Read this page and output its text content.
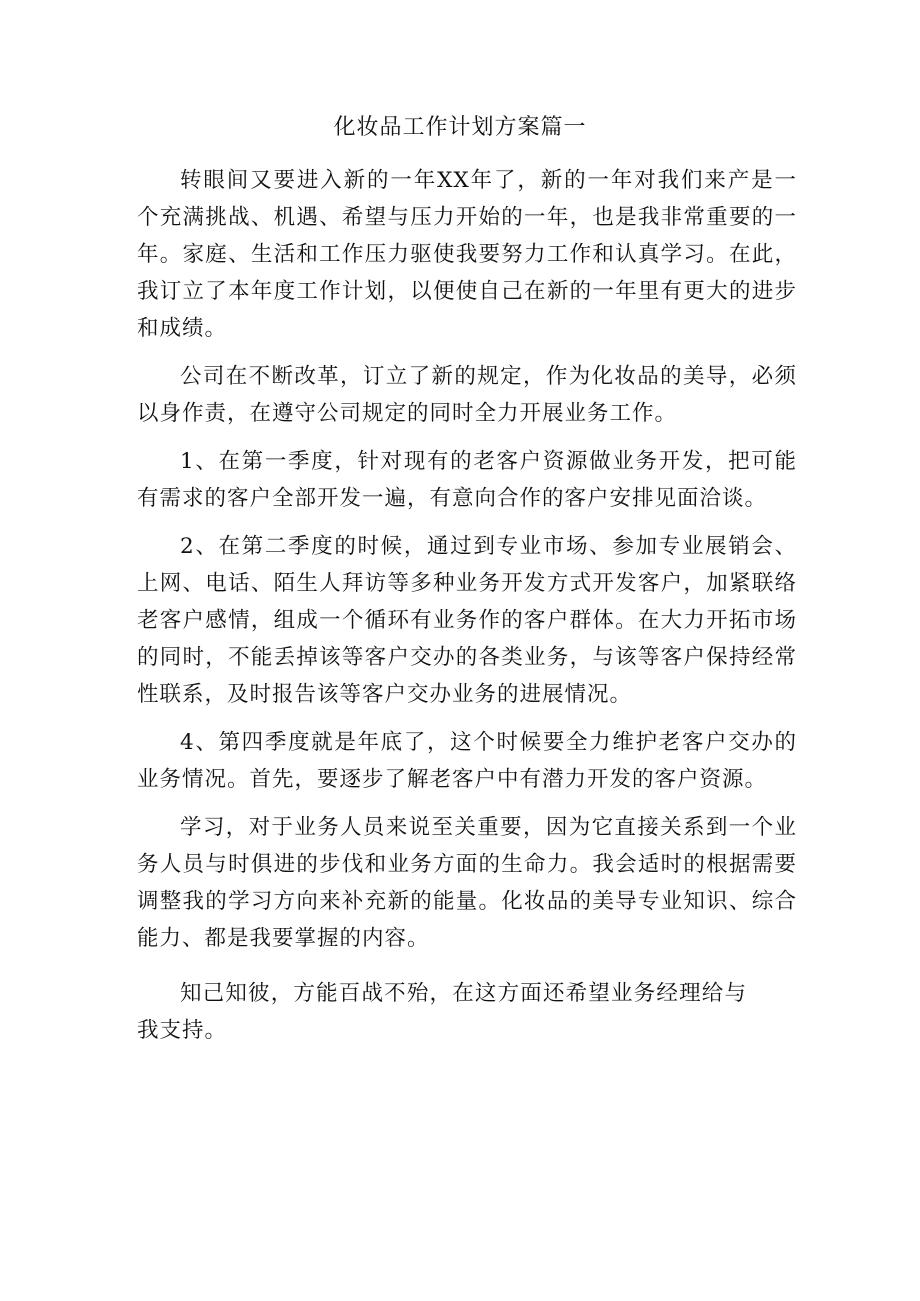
化妆品工作计划方案篇一

转眼间又要进入新的一年XX年了，新的一年对我们来产是一个充满挑战、机遇、希望与压力开始的一年，也是我非常重要的一年。家庭、生活和工作压力驱使我要努力工作和认真学习。在此，我订立了本年度工作计划，以便使自己在新的一年里有更大的进步和成绩。

公司在不断改革，订立了新的规定，作为化妆品的美导，必须以身作责，在遵守公司规定的同时全力开展业务工作。

1、在第一季度，针对现有的老客户资源做业务开发，把可能有需求的客户全部开发一遍，有意向合作的客户安排见面洽谈。

2、在第二季度的时候，通过到专业市场、参加专业展销会、上网、电话、陌生人拜访等多种业务开发方式开发客户，加紧联络老客户感情，组成一个循环有业务作的客户群体。在大力开拓市场的同时，不能丢掉该等客户交办的各类业务，与该等客户保持经常性联系，及时报告该等客户交办业务的进展情况。

4、第四季度就是年底了，这个时候要全力维护老客户交办的业务情况。首先，要逐步了解老客户中有潜力开发的客户资源。

学习，对于业务人员来说至关重要，因为它直接关系到一个业务人员与时俱进的步伐和业务方面的生命力。我会适时的根据需要调整我的学习方向来补充新的能量。化妆品的美导专业知识、综合能力、都是我要掌握的内容。

知己知彼，方能百战不殆，在这方面还希望业务经理给与我支持。
